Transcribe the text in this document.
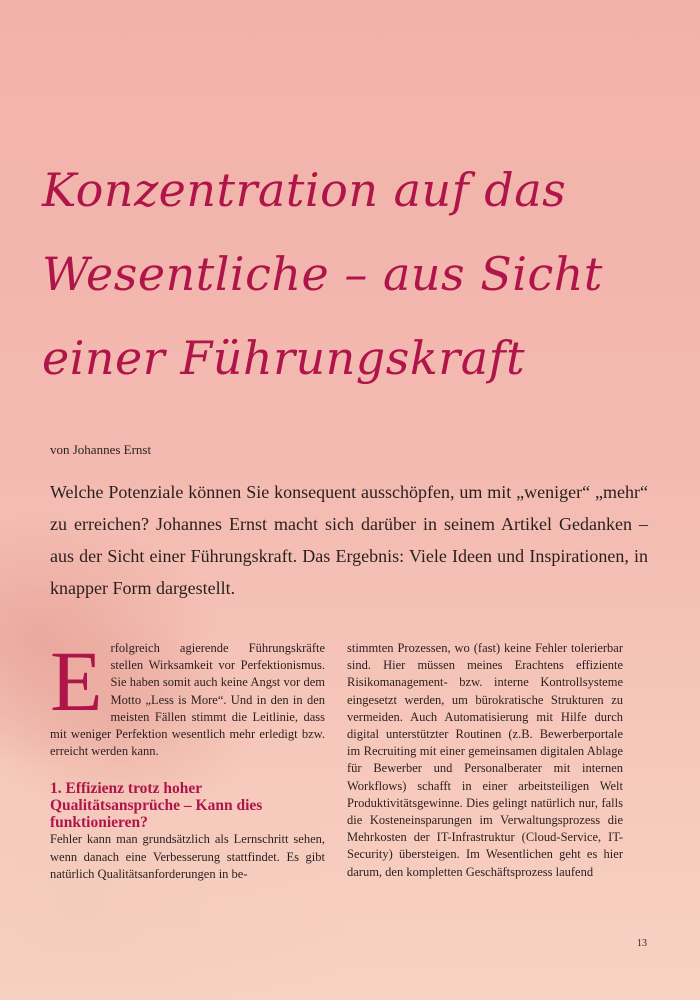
Konzentration auf das
Wesentliche – aus Sicht
einer Führungskraft
von Johannes Ernst

Welche Potenziale können Sie konsequent ausschöpfen, um mit „weniger“ „mehr“ zu erreichen? Johannes Ernst macht sich darüber in seinem Artikel Gedanken – aus der Sicht einer Führungskraft. Das Ergebnis: Viele Ideen und Inspirationen, in knapper Form dargestellt.

Erfolgreich agierende Führungskräfte stellen Wirksamkeit vor Perfektionismus. Sie haben somit auch keine Angst vor dem Motto „Less is More“. Und in den in den meisten Fällen stimmt die Leitlinie, dass mit weniger Perfektion wesentlich mehr erledigt bzw. erreicht werden kann.

1. Effizienz trotz hoher Qualitätsansprüche – Kann dies funktionieren?

Fehler kann man grundsätzlich als Lernschritt sehen, wenn danach eine Verbesserung stattfindet. Es gibt natürlich Qualitätsanforderungen in be-

stimmten Prozessen, wo (fast) keine Fehler tolerierbar sind. Hier müssen meines Erachtens effiziente Risikomanagement- bzw. interne Kontrollsysteme eingesetzt werden, um bürokratische Strukturen zu vermeiden. Auch Automatisierung mit Hilfe durch digital unterstützter Routinen (z.B. Bewerberportale im Recruiting mit einer gemeinsamen digitalen Ablage für Bewerber und Personalberater mit internen Workflows) schafft in einer arbeitsteiligen Welt Produktivitätsgewinne. Dies gelingt natürlich nur, falls die Kosteneinsparungen im Verwaltungsprozess die Mehrkosten der IT-Infrastruktur (Cloud-Service, IT-Security) übersteigen. Im Wesentlichen geht es hier darum, den kompletten Geschäftsprozess laufend

13
